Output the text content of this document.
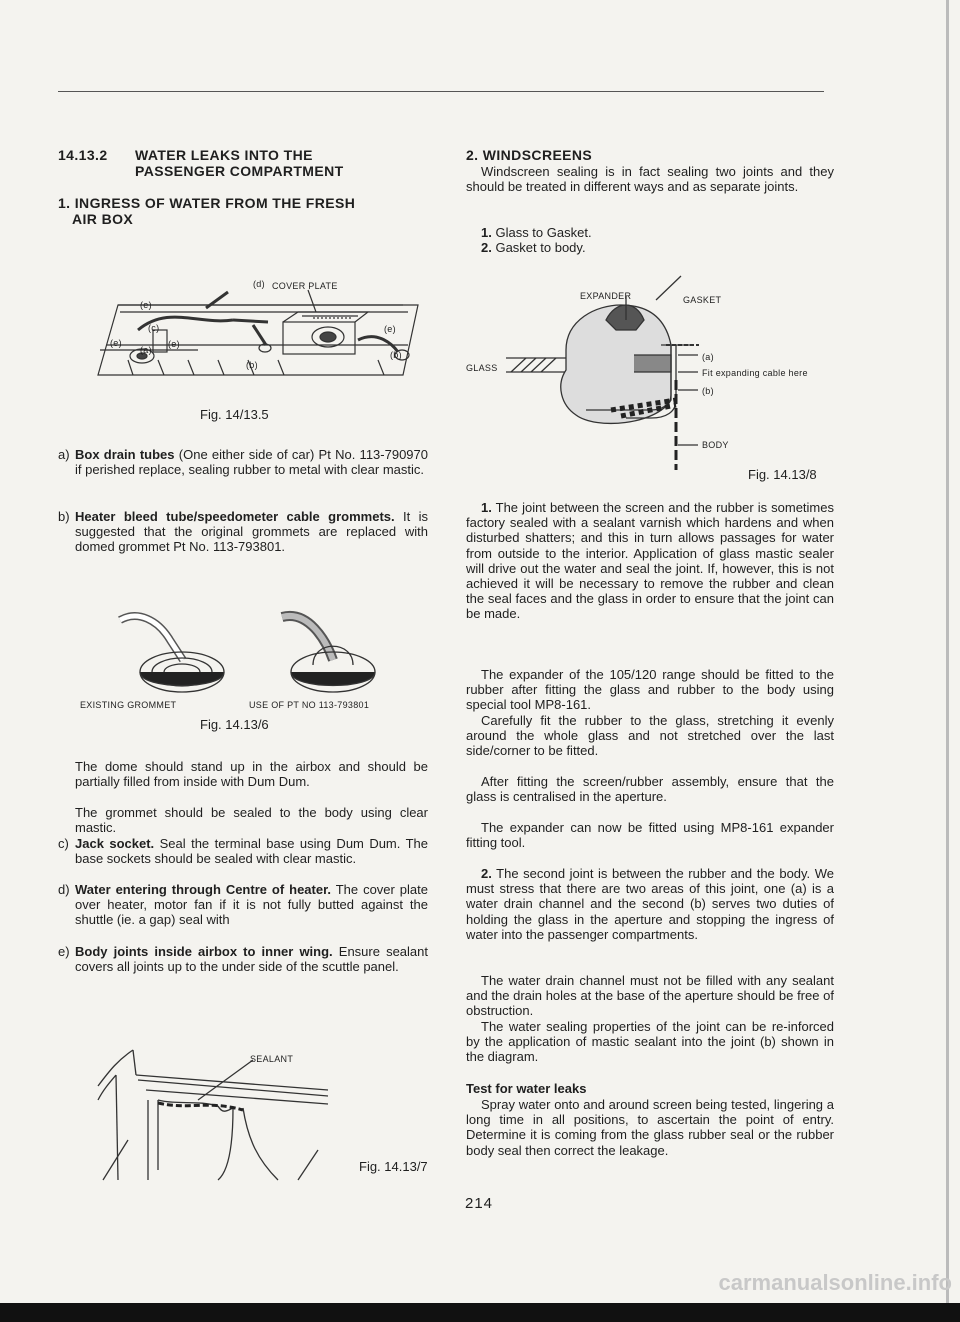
14.13.2 WATER LEAKS INTO THE
PASSENGER COMPARTMENT
1. INGRESS OF WATER FROM THE FRESH
AIR BOX
(d) COVER PLATE
(e)
(c)	(e)
(e)	(e)
(a)
(b)
(b)
Fig. 14/13.5
a) Box drain tubes (One either side of car) Pt No. 113-790970 if perished replace, sealing rubber to metal with clear mastic.
b) Heater bleed tube/speedometer cable grommets. It is suggested that the original grommets are replaced with domed grommet Pt No. 113-793801.
EXISTING GROMMET	USE OF PT NO 113-793801
Fig. 14.13/6
The dome should stand up in the airbox and should be partially filled from inside with Dum Dum.
The grommet should be sealed to the body using clear mastic.
c) Jack socket. Seal the terminal base using Dum Dum. The base sockets should be sealed with clear mastic.
d) Water entering through Centre of heater. The cover plate over heater, motor fan if it is not fully butted against the shuttle (ie. a gap) seal with
e) Body joints inside airbox to inner wing. Ensure sealant covers all joints up to the under side of the scuttle panel.
SEALANT
Fig. 14.13/7
2. WINDSCREENS
Windscreen sealing is in fact sealing two joints and they should be treated in different ways and as separate joints.
1. Glass to Gasket.
2. Gasket to body.
EXPANDER	GASKET
GLASS
(a)
Fit expanding cable here
(b)
BODY
Fig. 14.13/8
1. The joint between the screen and the rubber is sometimes factory sealed with a sealant varnish which hardens and when disturbed shatters; and this in turn allows passages for water from outside to the interior. Application of glass mastic sealer will drive out the water and seal the joint. If, however, this is not achieved it will be necessary to remove the rubber and clean the seal faces and the glass in order to ensure that the joint can be made.
The expander of the 105/120 range should be fitted to the rubber after fitting the glass and rubber to the body using special tool MP8-161.
Carefully fit the rubber to the glass, stretching it evenly around the whole glass and not stretched over the last side/corner to be fitted.
After fitting the screen/rubber assembly, ensure that the glass is centralised in the aperture.
The expander can now be fitted using MP8-161 expander fitting tool.
2. The second joint is between the rubber and the body. We must stress that there are two areas of this joint, one (a) is a water drain channel and the second (b) serves two duties of holding the glass in the aperture and stopping the ingress of water into the passenger compartments.
The water drain channel must not be filled with any sealant and the drain holes at the base of the aperture should be free of obstruction.
The water sealing properties of the joint can be re-inforced by the application of mastic sealant into the joint (b) shown in the diagram.
Test for water leaks
Spray water onto and around screen being tested, lingering a long time in all positions, to ascertain the point of entry. Determine it is coming from the glass rubber seal or the rubber body seal then correct the leakage.
214
carmanualsonline.info
